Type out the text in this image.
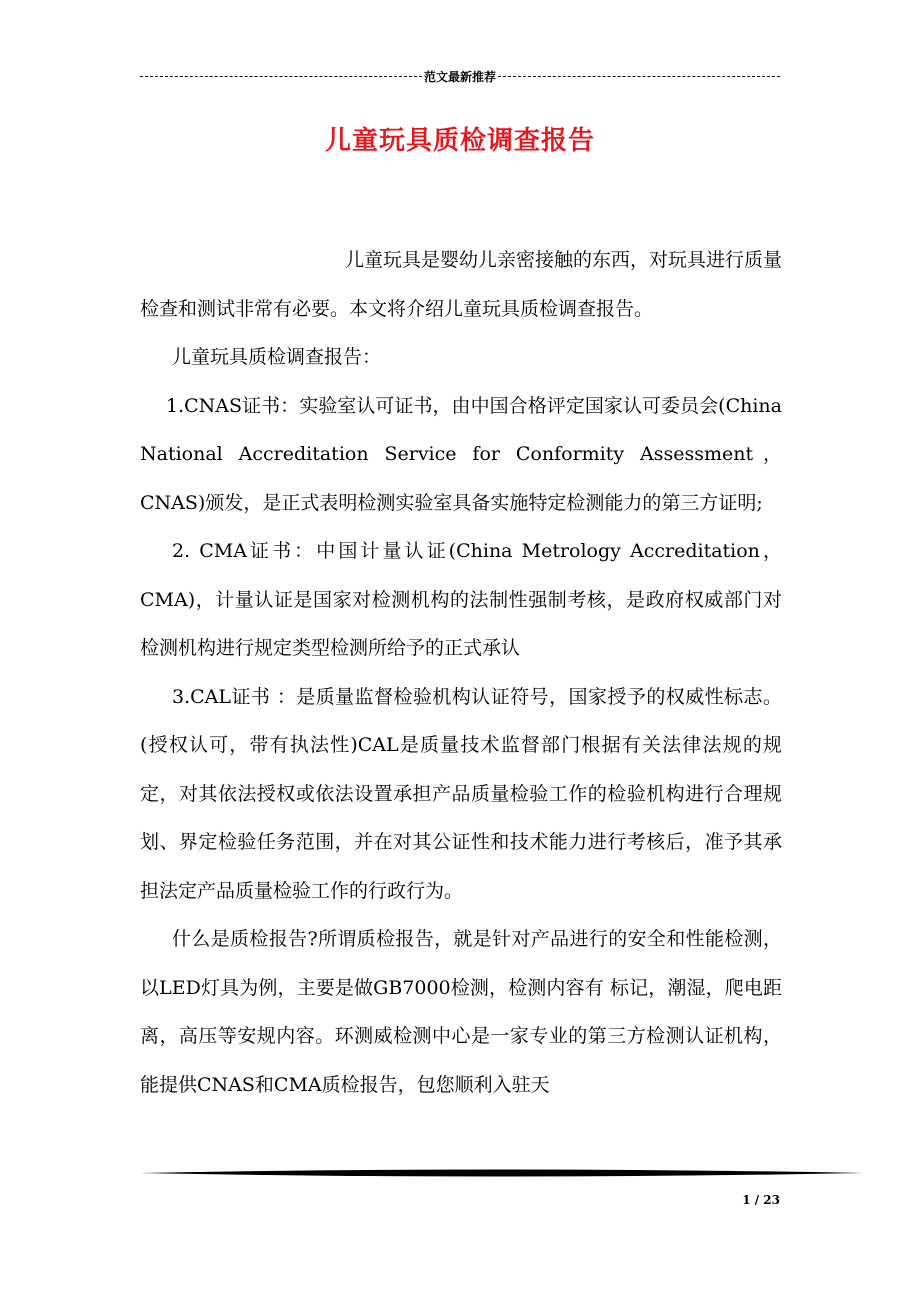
范文最新推荐
儿童玩具质检调查报告

儿童玩具是婴幼儿亲密接触的东西，对玩具进行质量检查和测试非常有必要。本文将介绍儿童玩具质检调查报告。

儿童玩具质检调查报告：

1.CNAS证书：实验室认可证书，由中国合格评定国家认可委员会(China National Accreditation Service for Conformity Assessment，CNAS)颁发，是正式表明检测实验室具备实施特定检测能力的第三方证明;

2. CMA证书：中国计量认证(China Metrology Accreditation，CMA)，计量认证是国家对检测机构的法制性强制考核，是政府权威部门对检测机构进行规定类型检测所给予的正式承认

3.CAL证书 ：是质量监督检验机构认证符号，国家授予的权威性标志。(授权认可，带有执法性)CAL是质量技术监督部门根据有关法律法规的规定，对其依法授权或依法设置承担产品质量检验工作的检验机构进行合理规划、界定检验任务范围，并在对其公证性和技术能力进行考核后，准予其承担法定产品质量检验工作的行政行为。

什么是质检报告?所谓质检报告，就是针对产品进行的安全和性能检测，以LED灯具为例，主要是做GB7000检测，检测内容有 标记，潮湿，爬电距离，高压等安规内容。环测威检测中心是一家专业的第三方检测认证机构，能提供CNAS和CMA质检报告，包您顺利入驻天

1 / 23
